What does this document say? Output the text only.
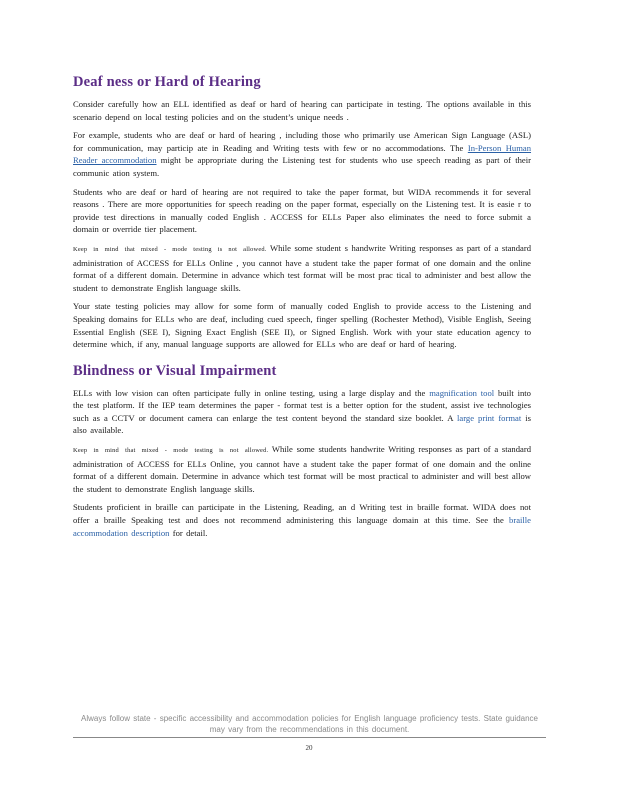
Deaf ness or Hard of Hearing

Consider carefully how an ELL identified as deaf or hard of hearing can participate in testing. The options available in this scenario depend on local testing policies and on the student’s unique needs .

For example, students who are deaf or hard of hearing , including those who primarily use American Sign Language (ASL) for communication, may particip ate in Reading and Writing tests with few or no accommodations. The In-Person Human Reader accommodation might be appropriate during the Listening test for students who use speech reading as part of their communic ation system.

Students who are deaf or hard of hearing are not required to take the paper format, but WIDA recommends it for several reasons . There are more opportunities for speech reading on the paper format, especially on the Listening test. It is easie r to provide test directions in manually coded English . ACCESS for ELLs Paper also eliminates the need to force submit a domain or override tier placement.

Keep in mind that mixed - mode testing is not allowed. While some student s handwrite Writing responses as part of a standard administration of ACCESS for ELLs Online , you cannot have a student take the paper format of one domain and the online format of a different domain. Determine in advance which test format will be most prac tical to administer and best allow the student to demonstrate English language skills.

Your state testing policies may allow for some form of manually coded English to provide access to the Listening and Speaking domains for ELLs who are deaf, including cued speech, finger spelling (Rochester Method), Visible English, Seeing Essential English (SEE I), Signing Exact English (SEE II), or Signed English. Work with your state education agency to determine which, if any, manual language supports are allowed for ELLs who are deaf or hard of hearing.

Blindness or Visual Impairment

ELLs with low vision can often participate fully in online testing, using a large display and the magnification tool built into the test platform. If the IEP team determines the paper - format test is a better option for the student, assist ive technologies such as a CCTV or document camera can enlarge the test content beyond the standard size booklet. A large print format is also available.

Keep in mind that mixed - mode testing is not allowed. While some students handwrite Writing responses as part of a standard administration of ACCESS for ELLs Online, you cannot have a student take the paper format of one domain and the online format of a different domain. Determine in advance which test format will be most practical to administer and will best allow the student to demonstrate English language skills.

Students proficient in braille can participate in the Listening, Reading, an d Writing test in braille format. WIDA does not offer a braille Speaking test and does not recommend administering this language domain at this time. See the braille accommodation description for detail.

Always follow state - specific accessibility and accommodation policies for English language proficiency tests. State guidance may vary from the recommendations in this document.
20
